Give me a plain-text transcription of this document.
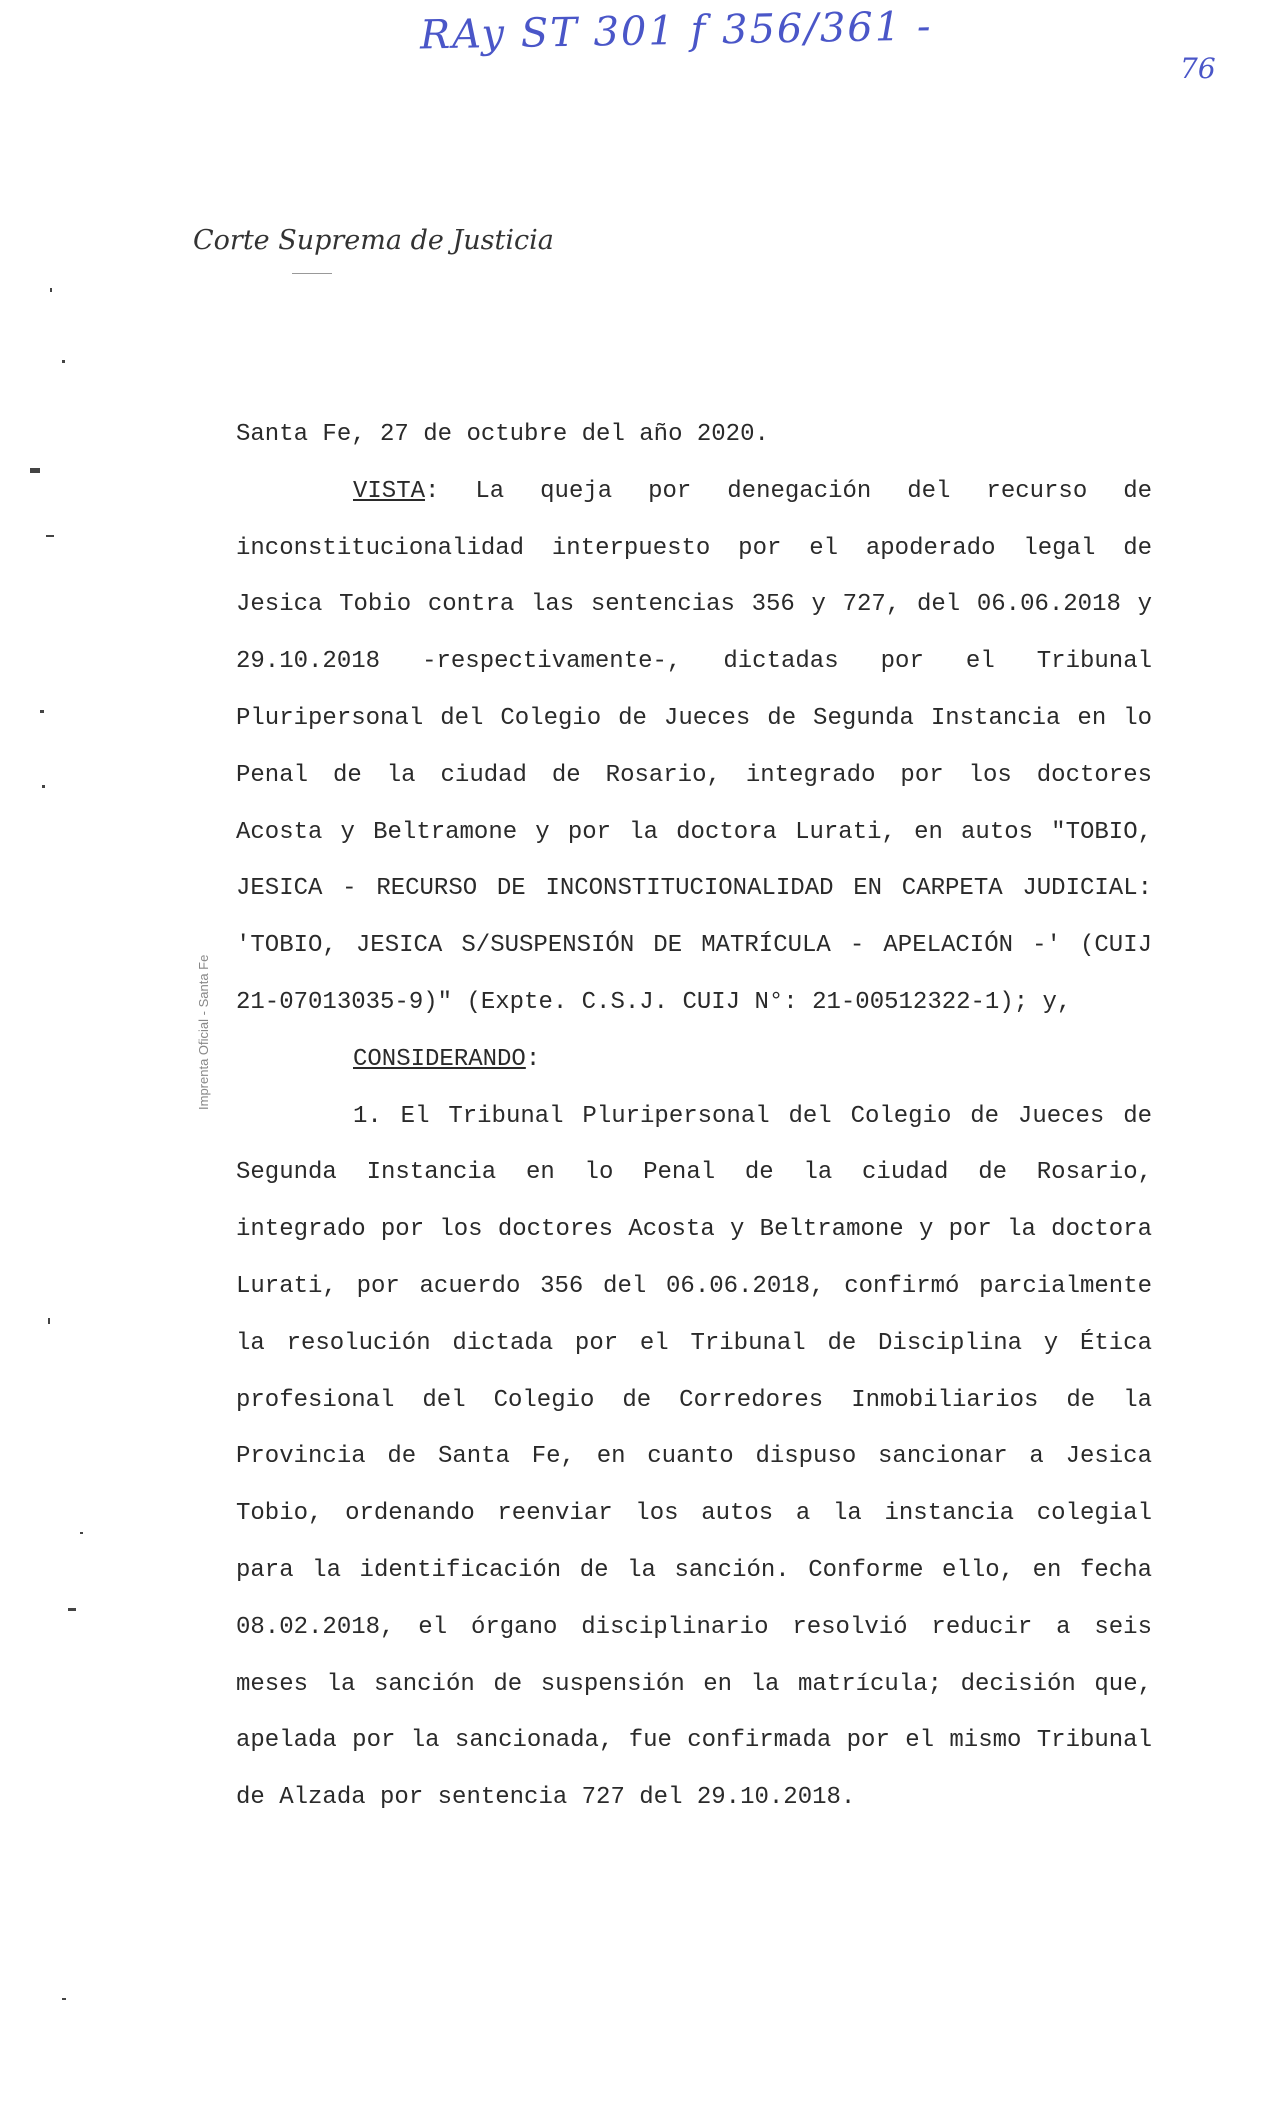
RAy ST 301 f 356/361 -
76
Corte Suprema de Justicia
Imprenta Oficial - Santa Fe

Santa Fe, 27 de octubre del año 2020.

VISTA: La queja por denegación del recurso de inconstitucionalidad interpuesto por el apoderado legal de Jesica Tobio contra las sentencias 356 y 727, del 06.06.2018 y 29.10.2018 -respectivamente-, dictadas por el Tribunal Pluripersonal del Colegio de Jueces de Segunda Instancia en lo Penal de la ciudad de Rosario, integrado por los doctores Acosta y Beltramone y por la doctora Lurati, en autos "TOBIO, JESICA - RECURSO DE INCONSTITUCIONALIDAD EN CARPETA JUDICIAL: 'TOBIO, JESICA S/SUSPENSIÓN DE MATRÍCULA - APELACIÓN -' (CUIJ 21-07013035-9)" (Expte. C.S.J. CUIJ N°: 21-00512322-1); y,

CONSIDERANDO:

1. El Tribunal Pluripersonal del Colegio de Jueces de Segunda Instancia en lo Penal de la ciudad de Rosario, integrado por los doctores Acosta y Beltramone y por la doctora Lurati, por acuerdo 356 del 06.06.2018, confirmó parcialmente la resolución dictada por el Tribunal de Disciplina y Ética profesional del Colegio de Corredores Inmobiliarios de la Provincia de Santa Fe, en cuanto dispuso sancionar a Jesica Tobio, ordenando reenviar los autos a la instancia colegial para la identificación de la sanción. Conforme ello, en fecha 08.02.2018, el órgano disciplinario resolvió reducir a seis meses la sanción de suspensión en la matrícula; decisión que, apelada por la sancionada, fue confirmada por el mismo Tribunal de Alzada por sentencia 727 del 29.10.2018.
